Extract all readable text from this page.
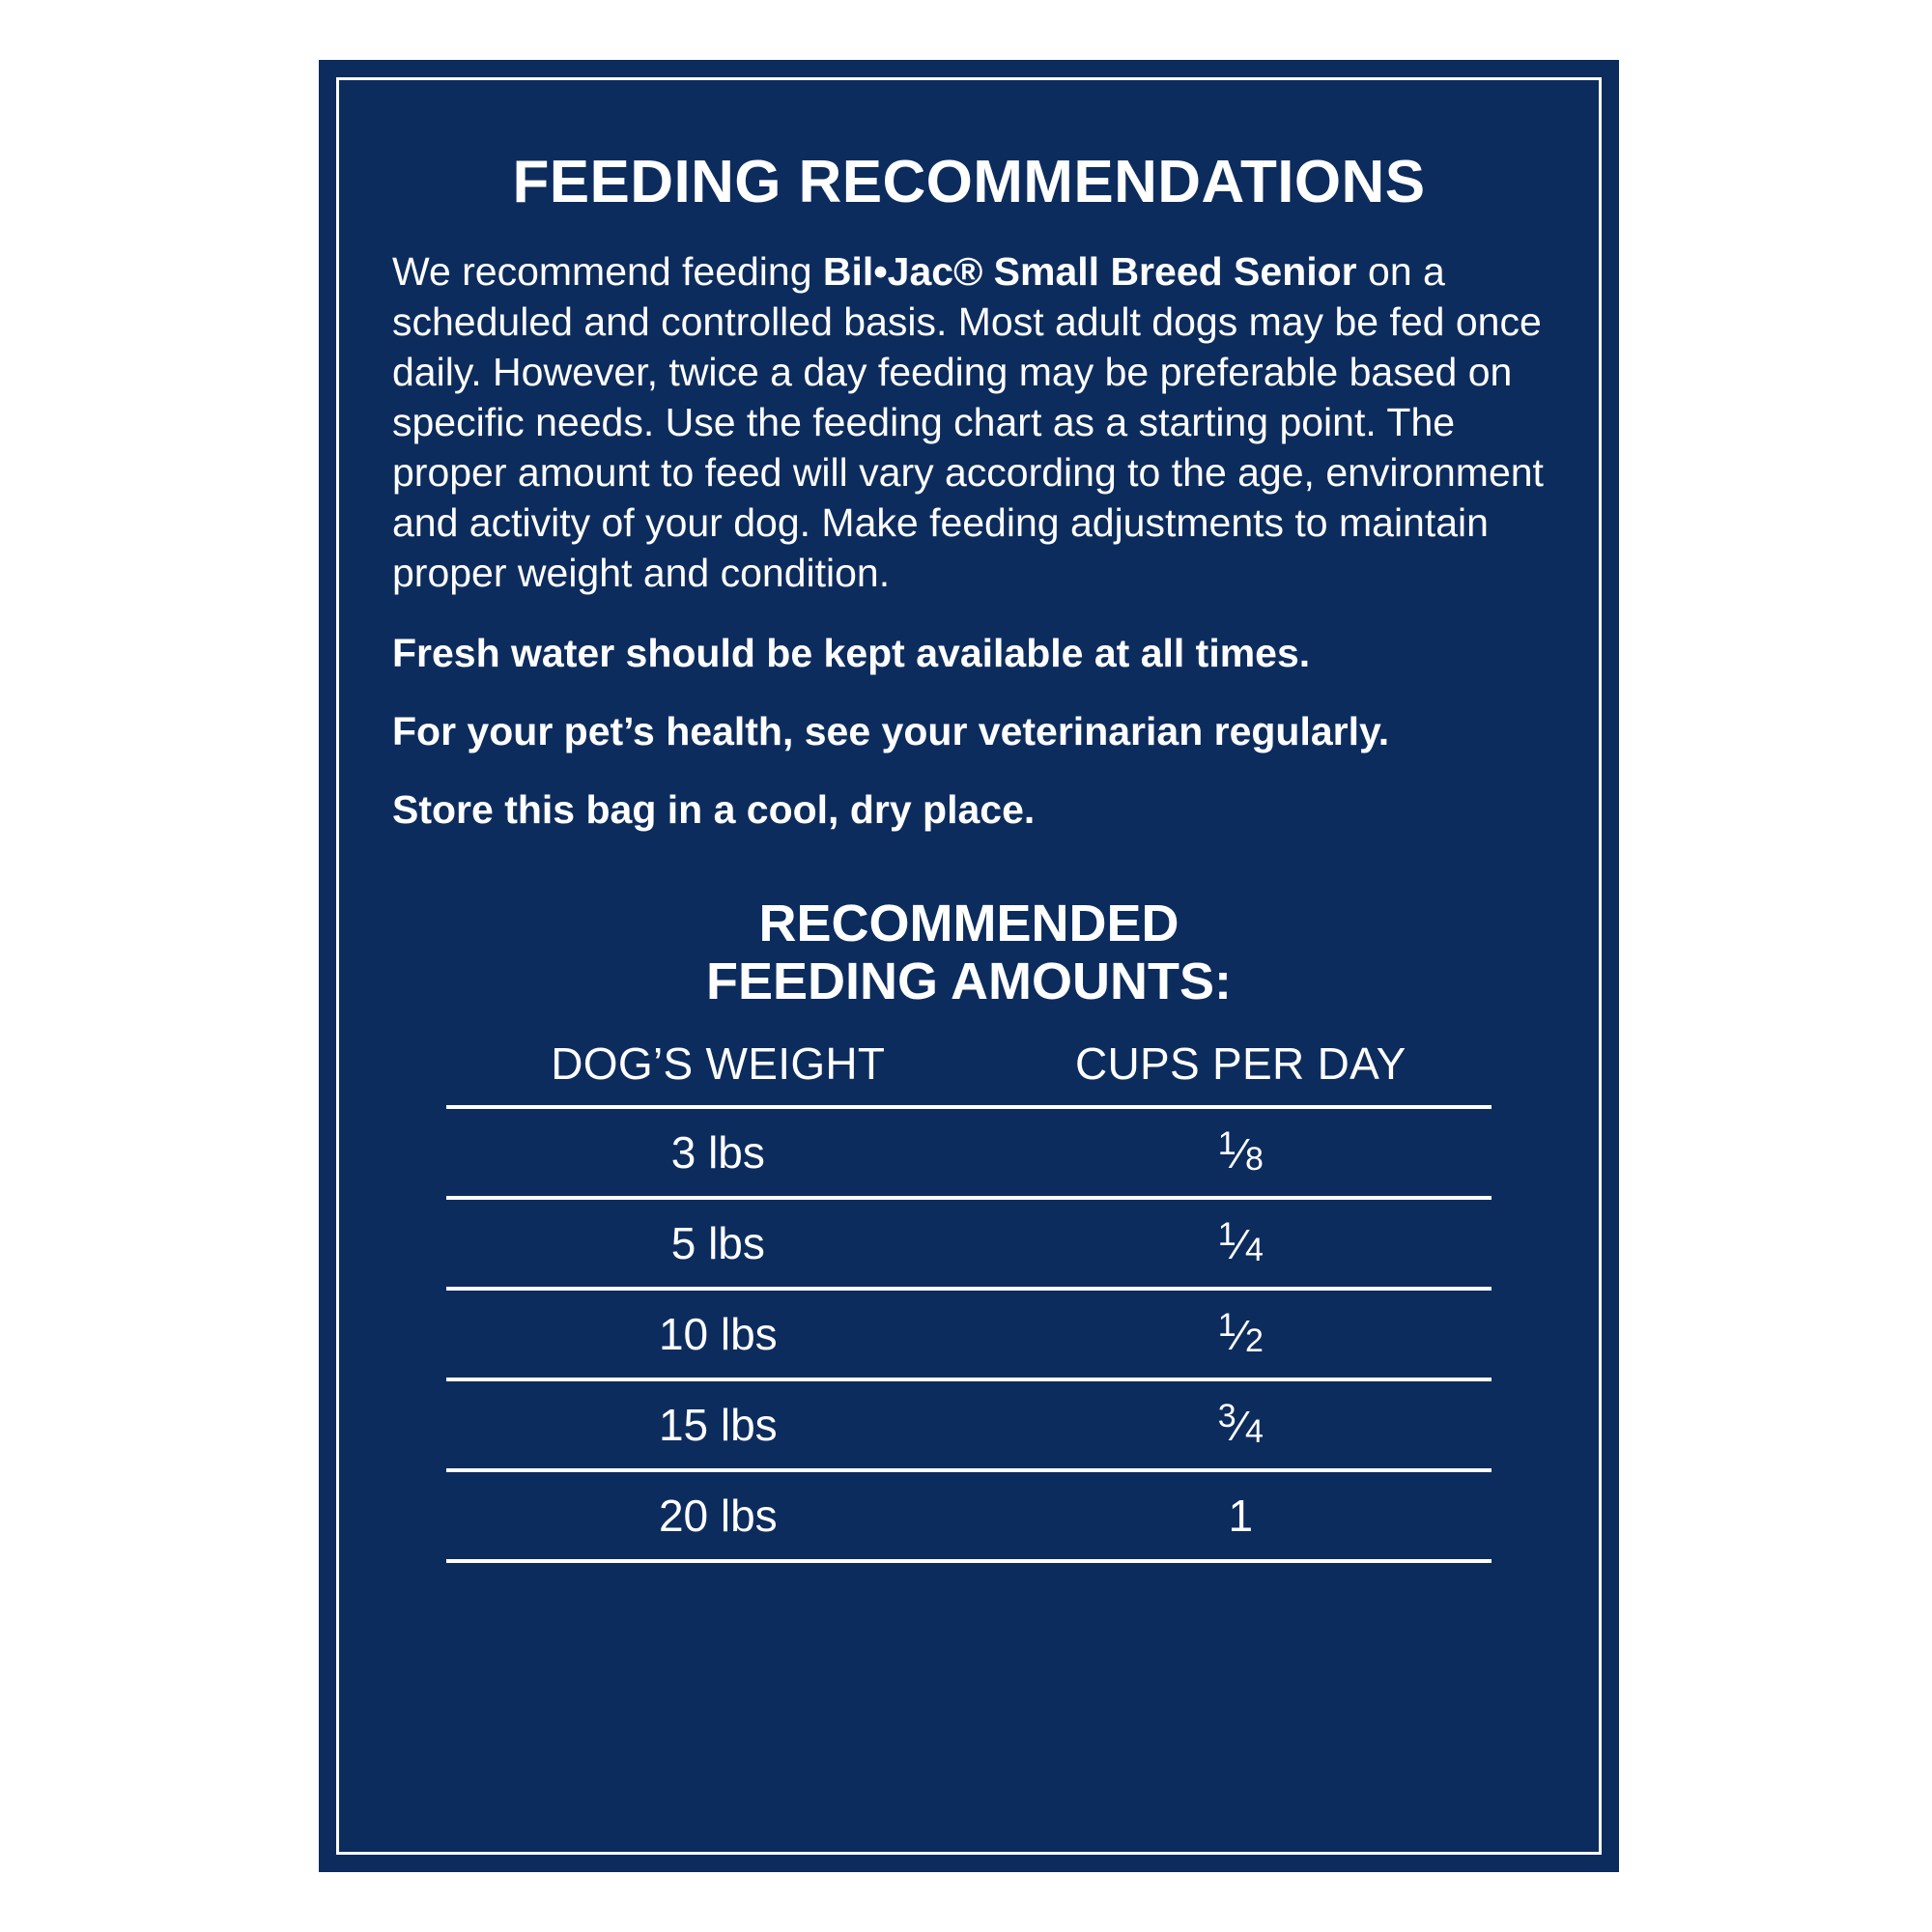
FEEDING RECOMMENDATIONS

We recommend feeding Bil•Jac® Small Breed Senior on a scheduled and controlled basis. Most adult dogs may be fed once daily. However, twice a day feeding may be preferable based on specific needs. Use the feeding chart as a starting point. The proper amount to feed will vary according to the age, environment and activity of your dog. Make feeding adjustments to maintain proper weight and condition.

Fresh water should be kept available at all times.

For your pet’s health, see your veterinarian regularly.

Store this bag in a cool, dry place.

RECOMMENDED
FEEDING AMOUNTS:
DOG’S WEIGHT	CUPS PER DAY
3 lbs	$^1$⁄8
5 lbs	$^1$⁄4
10 lbs	$^1$⁄2
15 lbs	$^3$⁄4
20 lbs	1
